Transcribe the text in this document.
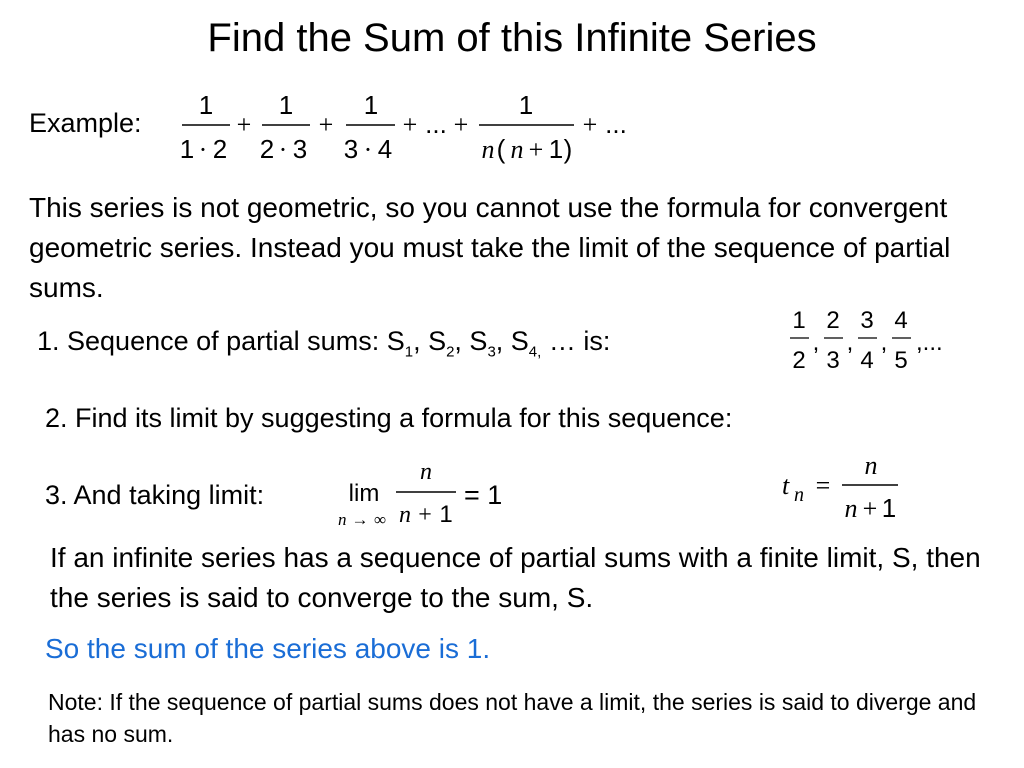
Find the Sum of this Infinite Series
Example:
1
1 · 2
+
1
2 · 3
+
1
3 · 4
+ ... +
1
n ( n + 1 )
+ ...
This series is not geometric, so you cannot use the formula for convergent geometric series. Instead you must take the limit of the sequence of partial sums.
1. Sequence of partial sums: $S_1$, $S_2$, $S_3$, $S_{4,}$ … is:
1
2
,
2
3
,
3
4
,
4
5
,...
2. Find its limit by suggesting a formula for this sequence:
t n =
n
n + 1
3. And taking limit:	lim
n → ∞
n
n + 1
= 1
If an infinite series has a sequence of partial sums with a finite limit, S, then the series is said to converge to the sum, S.
So the sum of the series above is 1.
Note: If the sequence of partial sums does not have a limit, the series is said to diverge and has no sum.
